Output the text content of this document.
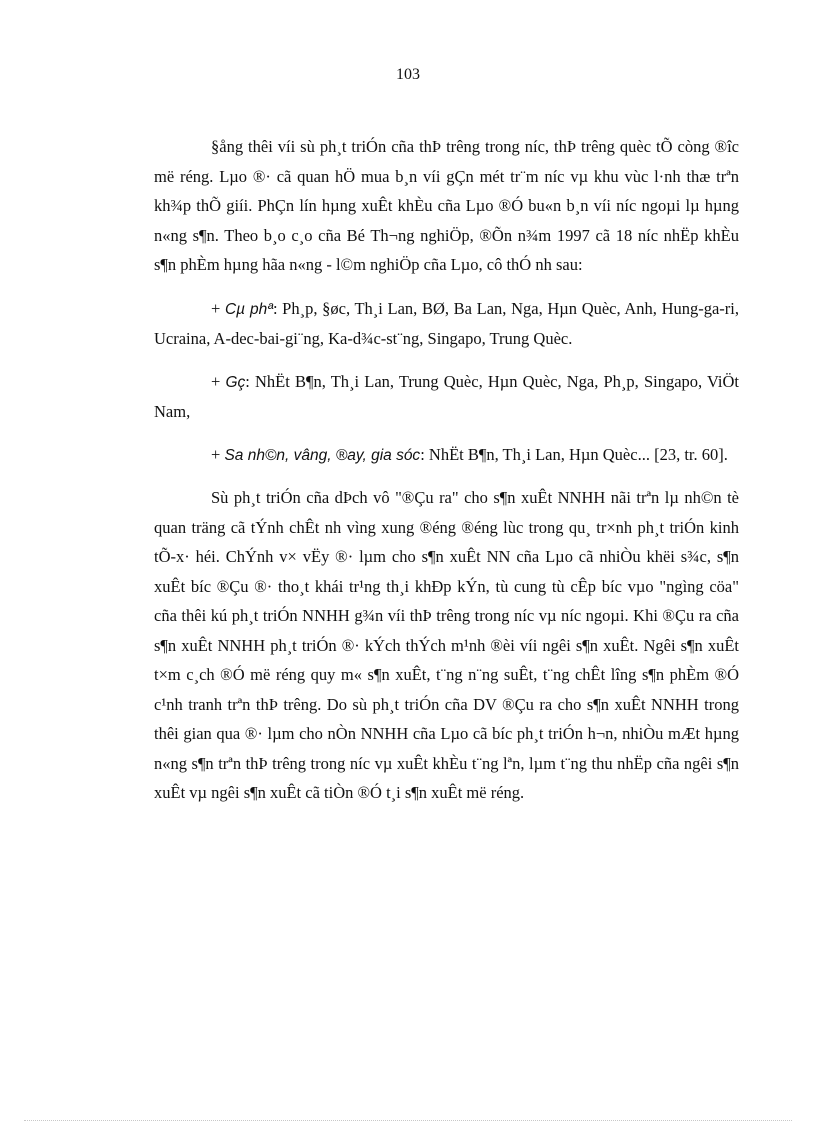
103

§ång thêi víi sù ph¸t triÓn cña thÞ trêng trong níc, thÞ trêng quèc tÕ còng ®îc më réng. Lµo ®· cã quan hÖ mua b¸n víi gÇn mét tr¨m níc vµ khu vùc l·nh thæ trªn kh¾p thÕ giíi. PhÇn lín hµng xuÊt khÈu cña Lµo ®Ó bu«n b¸n víi níc ngoµi lµ hµng n«ng s¶n. Theo b¸o c¸o cña Bé Th¬ng nghiÖp, ®Õn n¾m 1997 cã 18 níc nhËp khÈu s¶n phÈm hµng hãa n«ng - l©m nghiÖp cña Lµo, cô thÓ nh sau:

+ Cµ phª: Ph¸p, §øc, Th¸i Lan, BØ, Ba Lan, Nga, Hµn Quèc, Anh, Hung-ga-ri, Ucraina, A-dec-bai-gi¨ng, Ka-d¾c-st¨ng, Singapo, Trung Quèc.

+ Gç: NhËt B¶n, Th¸i Lan, Trung Quèc, Hµn Quèc, Nga, Ph¸p, Singapo, ViÖt Nam,

+ Sa nh©n, vâng, ®ay, gia sóc: NhËt B¶n, Th¸i Lan, Hµn Quèc... [23, tr. 60].

Sù ph¸t triÓn cña dÞch vô "®Çu ra" cho s¶n xuÊt NNHH nãi trªn lµ nh©n tè quan träng cã tÝnh chÊt nh vìng xung ®éng ®éng lùc trong qu¸ tr×nh ph¸t triÓn kinh tÕ-x· héi. ChÝnh v× vËy ®· lµm cho s¶n xuÊt NN cña Lµo cã nhiÒu khëi s¾c, s¶n xuÊt bíc ®Çu ®· tho¸t khái tr¹ng th¸i khÐp kÝn, tù cung tù cÊp bíc vµo "ngìng cöa" cña thêi kú ph¸t triÓn NNHH g¾n víi thÞ trêng trong níc vµ níc ngoµi. Khi ®Çu ra cña s¶n xuÊt NNHH ph¸t triÓn ®· kÝch thÝch m¹nh ®èi víi ngêi s¶n xuÊt. Ngêi s¶n xuÊt t×m c¸ch ®Ó më réng quy m« s¶n xuÊt, t¨ng n¨ng suÊt, t¨ng chÊt lîng s¶n phÈm ®Ó c¹nh tranh trªn thÞ trêng. Do sù ph¸t triÓn cña DV ®Çu ra cho s¶n xuÊt NNHH trong thêi gian qua ®· lµm cho nÒn NNHH cña Lµo cã bíc ph¸t triÓn h¬n, nhiÒu mÆt hµng n«ng s¶n trªn thÞ trêng trong níc vµ xuÊt khÈu t¨ng lªn, lµm t¨ng thu nhËp cña ngêi s¶n xuÊt vµ ngêi s¶n xuÊt cã tiÒn ®Ó t¸i s¶n xuÊt më réng.
